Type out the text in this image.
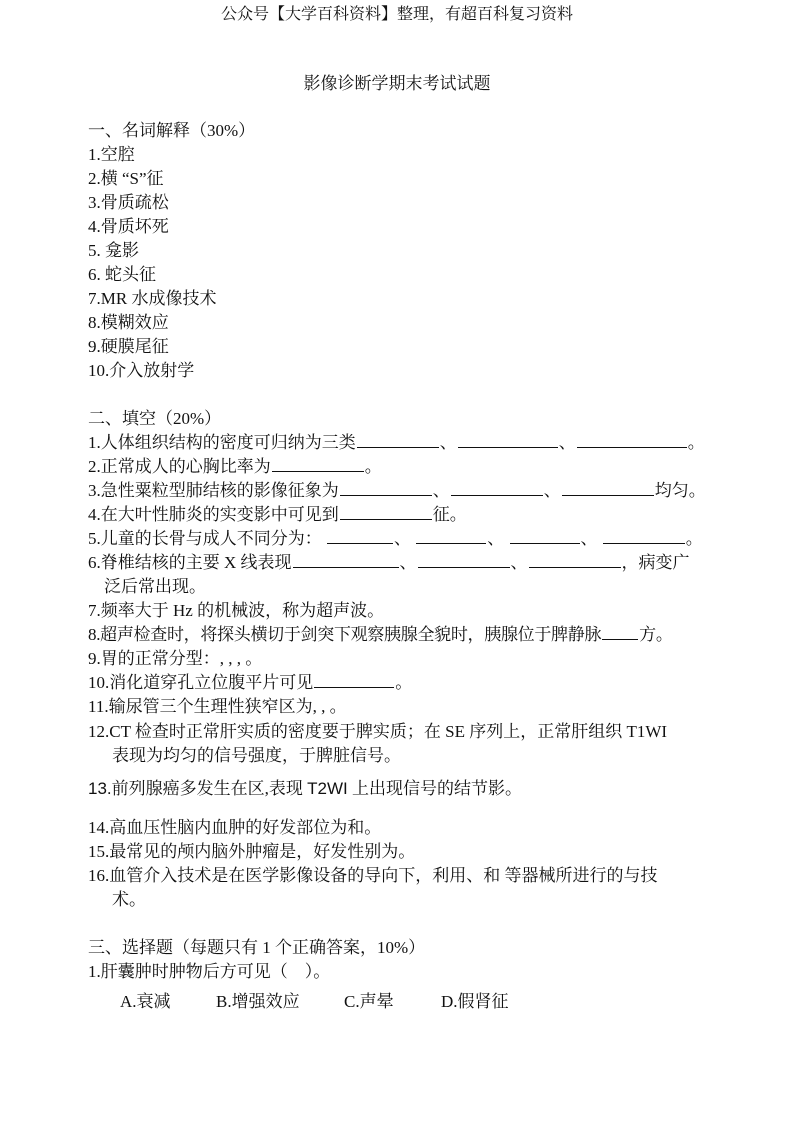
公众号【大学百科资料】整理，有超百科复习资料
影像诊断学期末考试试题
一、名词解释（30%）
1.空腔
2.横 “S”征
3.骨质疏松
4.骨质坏死
5. 龛影
6. 蛇头征
7.MR 水成像技术
8.模糊效应
9.硬膜尾征
10.介入放射学
二、填空（20%）
1.人体组织结构的密度可归纳为三类	、	、	。
2.正常成人的心胸比率为	。
3.急性粟粒型肺结核的影像征象为	、	、	均匀。
4.在大叶性肺炎的实变影中可见到	征。
5.儿童的长骨与成人不同分为：	、	、	、	。
6.脊椎结核的主要 X 线表现	、	、	，病变广
泛后常出现。
7.频率大于 Hz 的机械波，称为超声波。
8.超声检查时，将探头横切于剑突下观察胰腺全貌时，胰腺位于脾静脉 方。
9.胃的正常分型：, , , 。
10.消化道穿孔立位腹平片可见	。
11.输尿管三个生理性狭窄区为, , 。
12.CT 检查时正常肝实质的密度要于脾实质；在 SE 序列上，正常肝组织 T1WI
表现为均匀的信号强度，于脾脏信号。
13.前列腺癌多发生在区,表现 T2WI 上出现信号的结节影。
14.高血压性脑内血肿的好发部位为和。
15.最常见的颅内脑外肿瘤是，好发性别为。
16.血管介入技术是在医学影像设备的导向下，利用、和 等器械所进行的与技
术。
三、选择题（每题只有 1 个正确答案，10%）
1.肝囊肿时肿物后方可见（　）。
A.衰减	B.增强效应	C.声晕	D.假肾征
